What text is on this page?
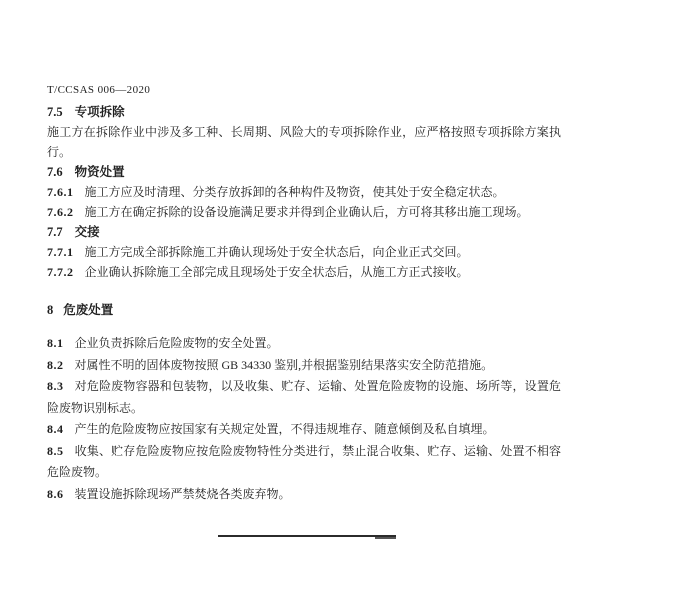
T/CCSAS 006—2020
7.5 专项拆除
施工方在拆除作业中涉及多工种、长周期、风险大的专项拆除作业，应严格按照专项拆除方案执行。
7.6 物资处置
7.6.1 施工方应及时清理、分类存放拆卸的各种构件及物资，使其处于安全稳定状态。
7.6.2 施工方在确定拆除的设备设施满足要求并得到企业确认后，方可将其移出施工现场。
7.7 交接
7.7.1 施工方完成全部拆除施工并确认现场处于安全状态后，向企业正式交回。
7.7.2 企业确认拆除施工全部完成且现场处于安全状态后，从施工方正式接收。
8 危废处置
8.1 企业负责拆除后危险废物的安全处置。
8.2 对属性不明的固体废物按照 GB 34330 鉴别,并根据鉴别结果落实安全防范措施。
8.3 对危险废物容器和包装物，以及收集、贮存、运输、处置危险废物的设施、场所等，设置危险废物识别标志。
8.4 产生的危险废物应按国家有关规定处置，不得违规堆存、随意倾倒及私自填埋。
8.5 收集、贮存危险废物应按危险废物特性分类进行，禁止混合收集、贮存、运输、处置不相容危险废物。
8.6 装置设施拆除现场严禁焚烧各类废弃物。
